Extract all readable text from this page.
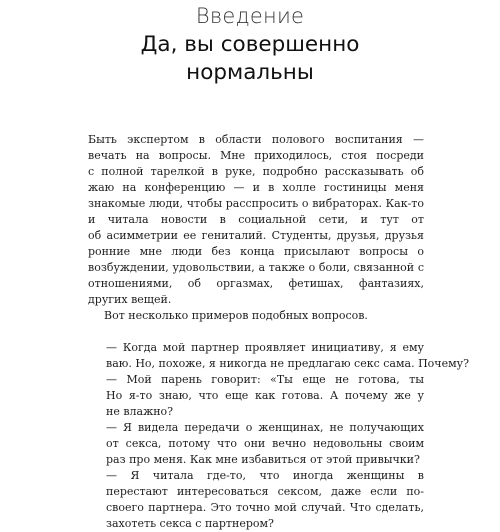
Введение
Да, вы совершенно
нормальны
Быть экспертом в области полового воспитания —
вечать на вопросы. Мне приходилось, стоя посреди
с полной тарелкой в руке, подробно рассказывать об
жаю на конференцию — и в холле гостиницы меня
знакомые люди, чтобы расспросить о вибраторах. Как-то
и читала новости в социальной сети, и тут от
об асимметрии ее гениталий. Студенты, друзья, друзья
ронние мне люди без конца присылают вопросы о
возбуждении, удовольствии, а также о боли, связанной с
отношениями, об оргазмах, фетишах, фантазиях,
других вещей.
Вот несколько примеров подобных вопросов.
— Когда мой партнер проявляет инициативу, я ему
ваю. Но, похоже, я никогда не предлагаю секс сама. Почему?
— Мой парень говорит: «Ты еще не готова, ты
Но я-то знаю, что еще как готова. А почему же у
не влажно?
— Я видела передачи о женщинах, не получающих
от секса, потому что они вечно недовольны своим
раз про меня. Как мне избавиться от этой привычки?
— Я читала где-то, что иногда женщины в
перестают интересоваться сексом, даже если по-
своего партнера. Это точно мой случай. Что сделать,
захотеть секса с партнером?
